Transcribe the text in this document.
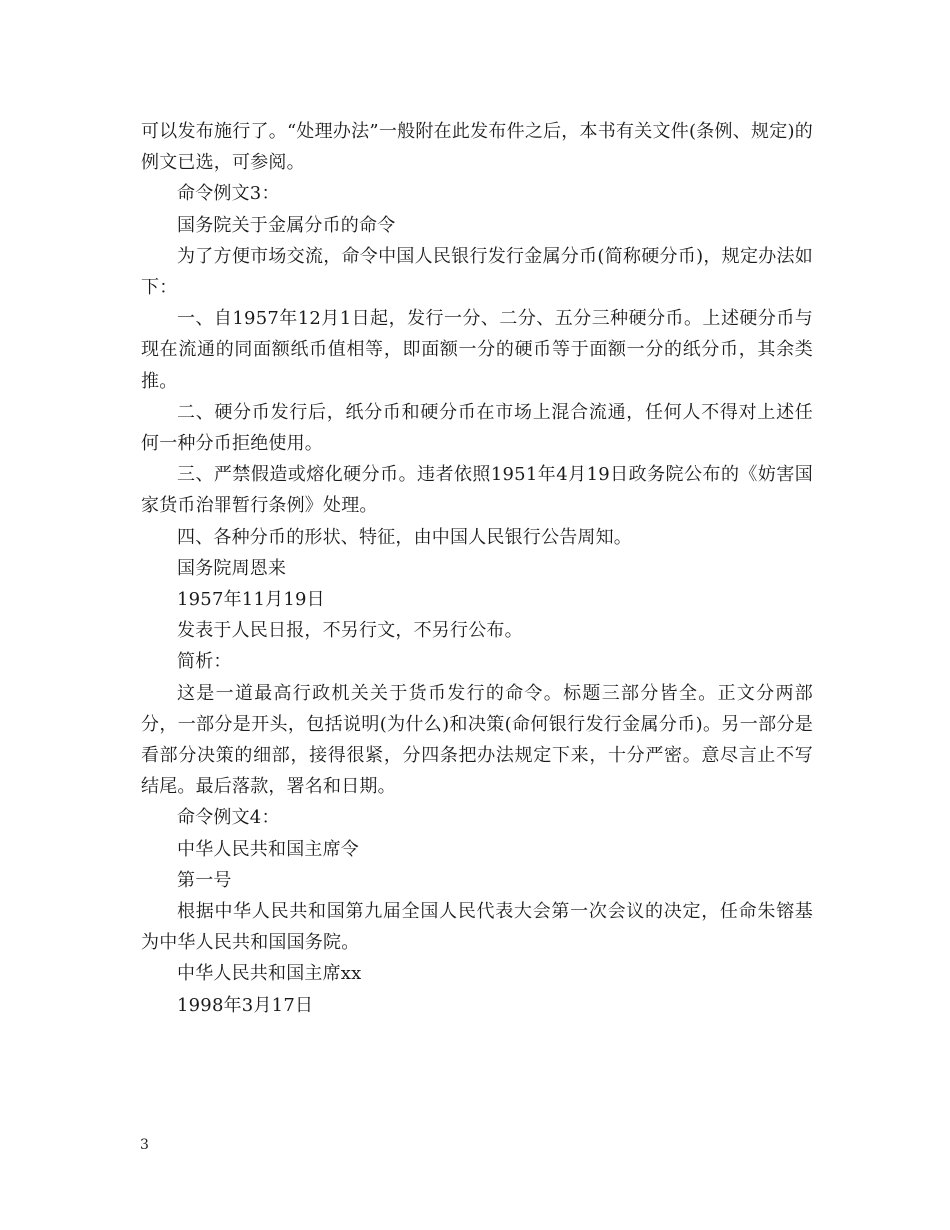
可以发布施行了。“处理办法”一般附在此发布件之后，本书有关文件(条例、规定)的例文已选，可参阅。

命令例文3：

国务院关于金属分币的命令

为了方便市场交流，命令中国人民银行发行金属分币(简称硬分币)，规定办法如下：

一、自1957年12月1日起，发行一分、二分、五分三种硬分币。上述硬分币与现在流通的同面额纸币值相等，即面额一分的硬币等于面额一分的纸分币，其余类推。

二、硬分币发行后，纸分币和硬分币在市场上混合流通，任何人不得对上述任何一种分币拒绝使用。

三、严禁假造或熔化硬分币。违者依照1951年4月19日政务院公布的《妨害国家货币治罪暂行条例》处理。

四、各种分币的形状、特征，由中国人民银行公告周知。

国务院周恩来

1957年11月19日

发表于人民日报，不另行文，不另行公布。

简析：

这是一道最高行政机关关于货币发行的命令。标题三部分皆全。正文分两部分，一部分是开头，包括说明(为什么)和决策(命何银行发行金属分币)。另一部分是看部分决策的细部，接得很紧，分四条把办法规定下来，十分严密。意尽言止不写结尾。最后落款，署名和日期。

命令例文4：

中华人民共和国主席令

第一号

根据中华人民共和国第九届全国人民代表大会第一次会议的决定，任命朱镕基为中华人民共和国国务院。

中华人民共和国主席xx

1998年3月17日

3
